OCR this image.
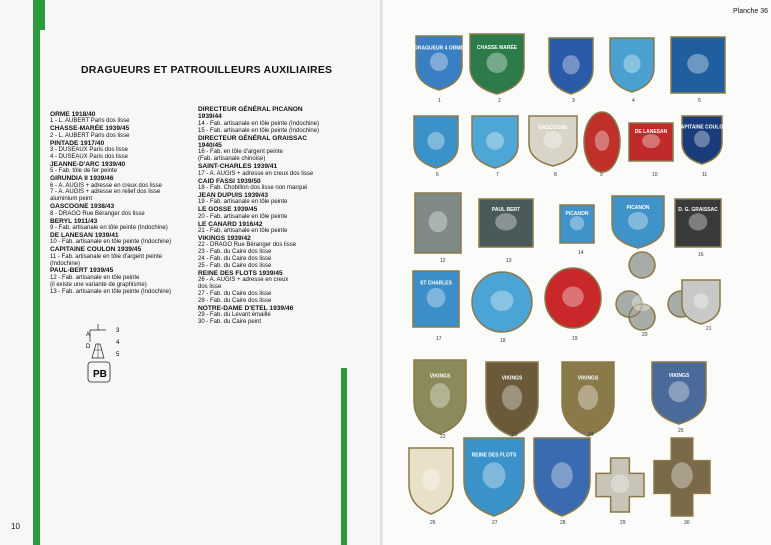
DRAGUEURS ET PATROUILLEURS AUXILIAIRES
ORME 1918/40
1 - L. AUBERT Paris dos lisse
CHASSE-MARÉE 1939/45
2 - L. AUBERT Paris dos lisse
PINTADE 1917/40
3 - DUSEAUX Paris dos lisse
4 - DUSEAUX Paris dos lisse
JEANNE-D'ARC 1939/40
5 - Fab. tôle de fer peinte
GIRUNDIA II 1939/46
6 - A. AUGIS + adresse en creux dos lisse
7 - A. AUGIS + adresse en relief dos lisse
aluminium peint
GASCOGNE 1938/43
8 - DRAGO Rue Béranger dos lisse
BERYL 1911/43
9 - Fab. artisanale en tôle peinte (Indochine)
DE LANESAN 1939/41
10 - Fab. artisanale en tôle peinte (Indochine)
CAPITAINE COULON 1939/45
11 - Fab. artisanale en tôle d'argent peinte
(Indochine)
PAUL-BERT 1939/45
12 - Fab. artisanale en tôle peinte
(il existe une variante de graphisme)
13 - Fab. artisanale en tôle peinte (Indochine)
DIRECTEUR GÉNÉRAL PICANON
1939/44
14 - Fab. artisanale en tôle peinte (Indochine)
15 - Fab. artisanale en tôle peinte (Indochine)
DIRECTEUR GÉNÉRAL GRAISSAC
1940/45
16 - Fab. en tôle d'argent peinte
(Fab. artisanale chinoise)
SAINT-CHARLES 1939/41
17 - A. AUGIS + adresse en creux dos lisse
CAID FASSI 1939/50
18 - Fab. Chobillon dos lisse non marqué
JEAN DUPUIS 1939/43
19 - Fab. artisanale en tôle peinte
LE GOSSE 1939/45
20 - Fab. artisanale en tôle peinte
LE CANARD 1916/42
21 - Fab. artisanale en tôle peinte
VIKINGS 1939/42
22 - DRAGO Rue Béranger dos lisse
23 - Fab. du Caire dos lisse
24 - Fab. du Caire dos lisse
25 - Fab. du Caire dos lisse
REINE DES FLOTS 1939/45
26 - A. AUGIS + adresse en creux
dos lisse
27 - Fab. du Caire dos lisse
28 - Fab. du Caire dos lisse
NOTRE-DAME D'ETEL 1939/46
29 - Fab. du Levant émaillé
30 - Fab. du Caire peint
A
3
D
4
5
PB
10
Planche 36
DRAGUEUR 4 ORME
1
CHASSE MARÉE
2	3	4	5
6	7
GASCOGNE
8	9
DE LANESAN
10
CAPITAINE COULON
11
12
PAUL BERT
13
PICANON
14
PICANON	D. G. GRAISSAC
16
ST CHARLES
17	18	19
20
21
VIKINGS
22
VIKINGS
23
VIKINGS
24
VIKINGS
25
26
REINE DES FLOTS
27	28	29	30
